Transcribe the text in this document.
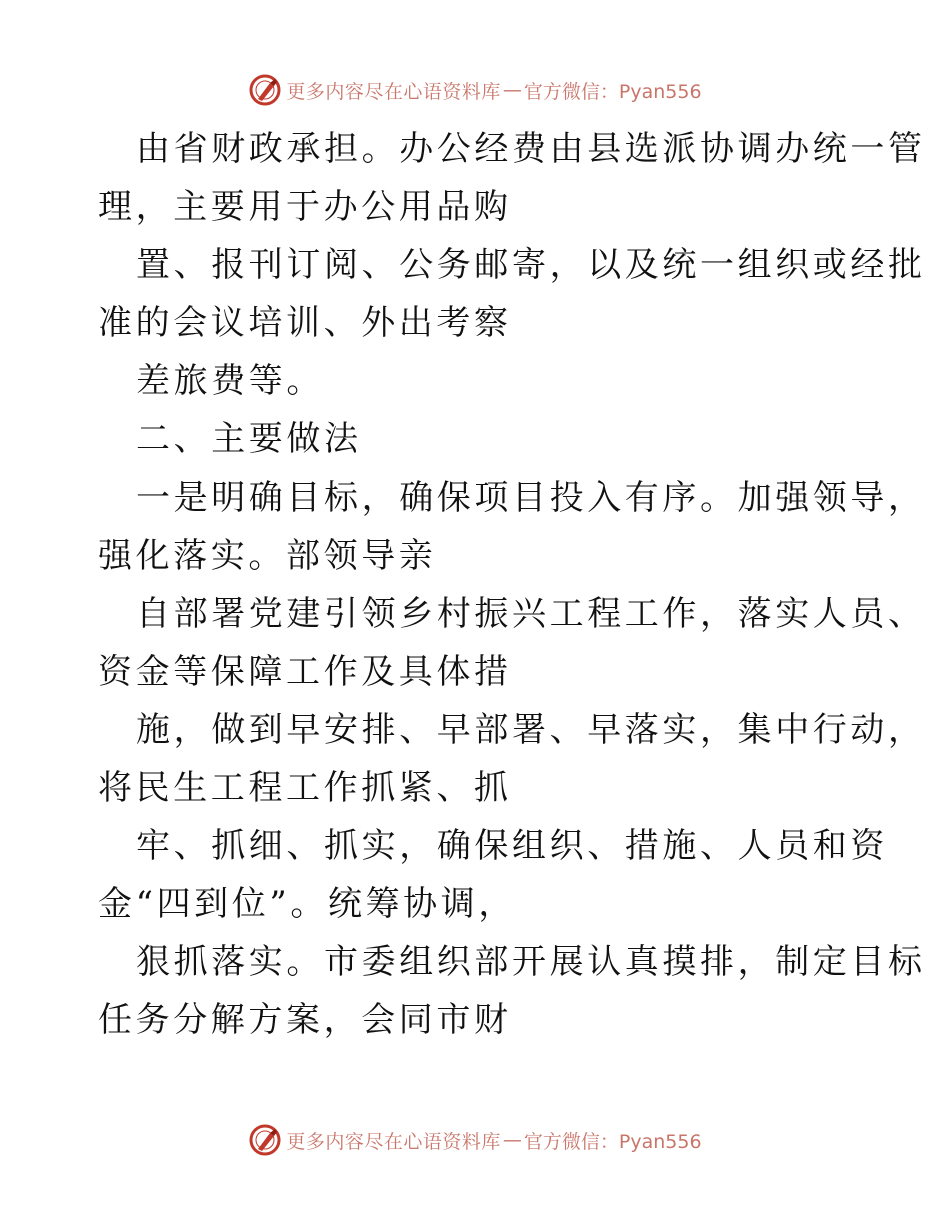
更多内容尽在心语资料库 — 官方微信：Pyan556
由省财政承担。办公经费由县选派协调办统一管
理，主要用于办公用品购
置、报刊订阅、公务邮寄，以及统一组织或经批
准的会议培训、外出考察
差旅费等。
二、主要做法
一是明确目标，确保项目投入有序。加强领导，
强化落实。部领导亲
自部署党建引领乡村振兴工程工作，落实人员、
资金等保障工作及具体措
施，做到早安排、早部署、早落实，集中行动，
将民生工程工作抓紧、抓
牢、抓细、抓实，确保组织、措施、人员和资
金“四到位”。统筹协调，
狠抓落实。市委组织部开展认真摸排，制定目标
任务分解方案，会同市财
更多内容尽在心语资料库 — 官方微信：Pyan556
